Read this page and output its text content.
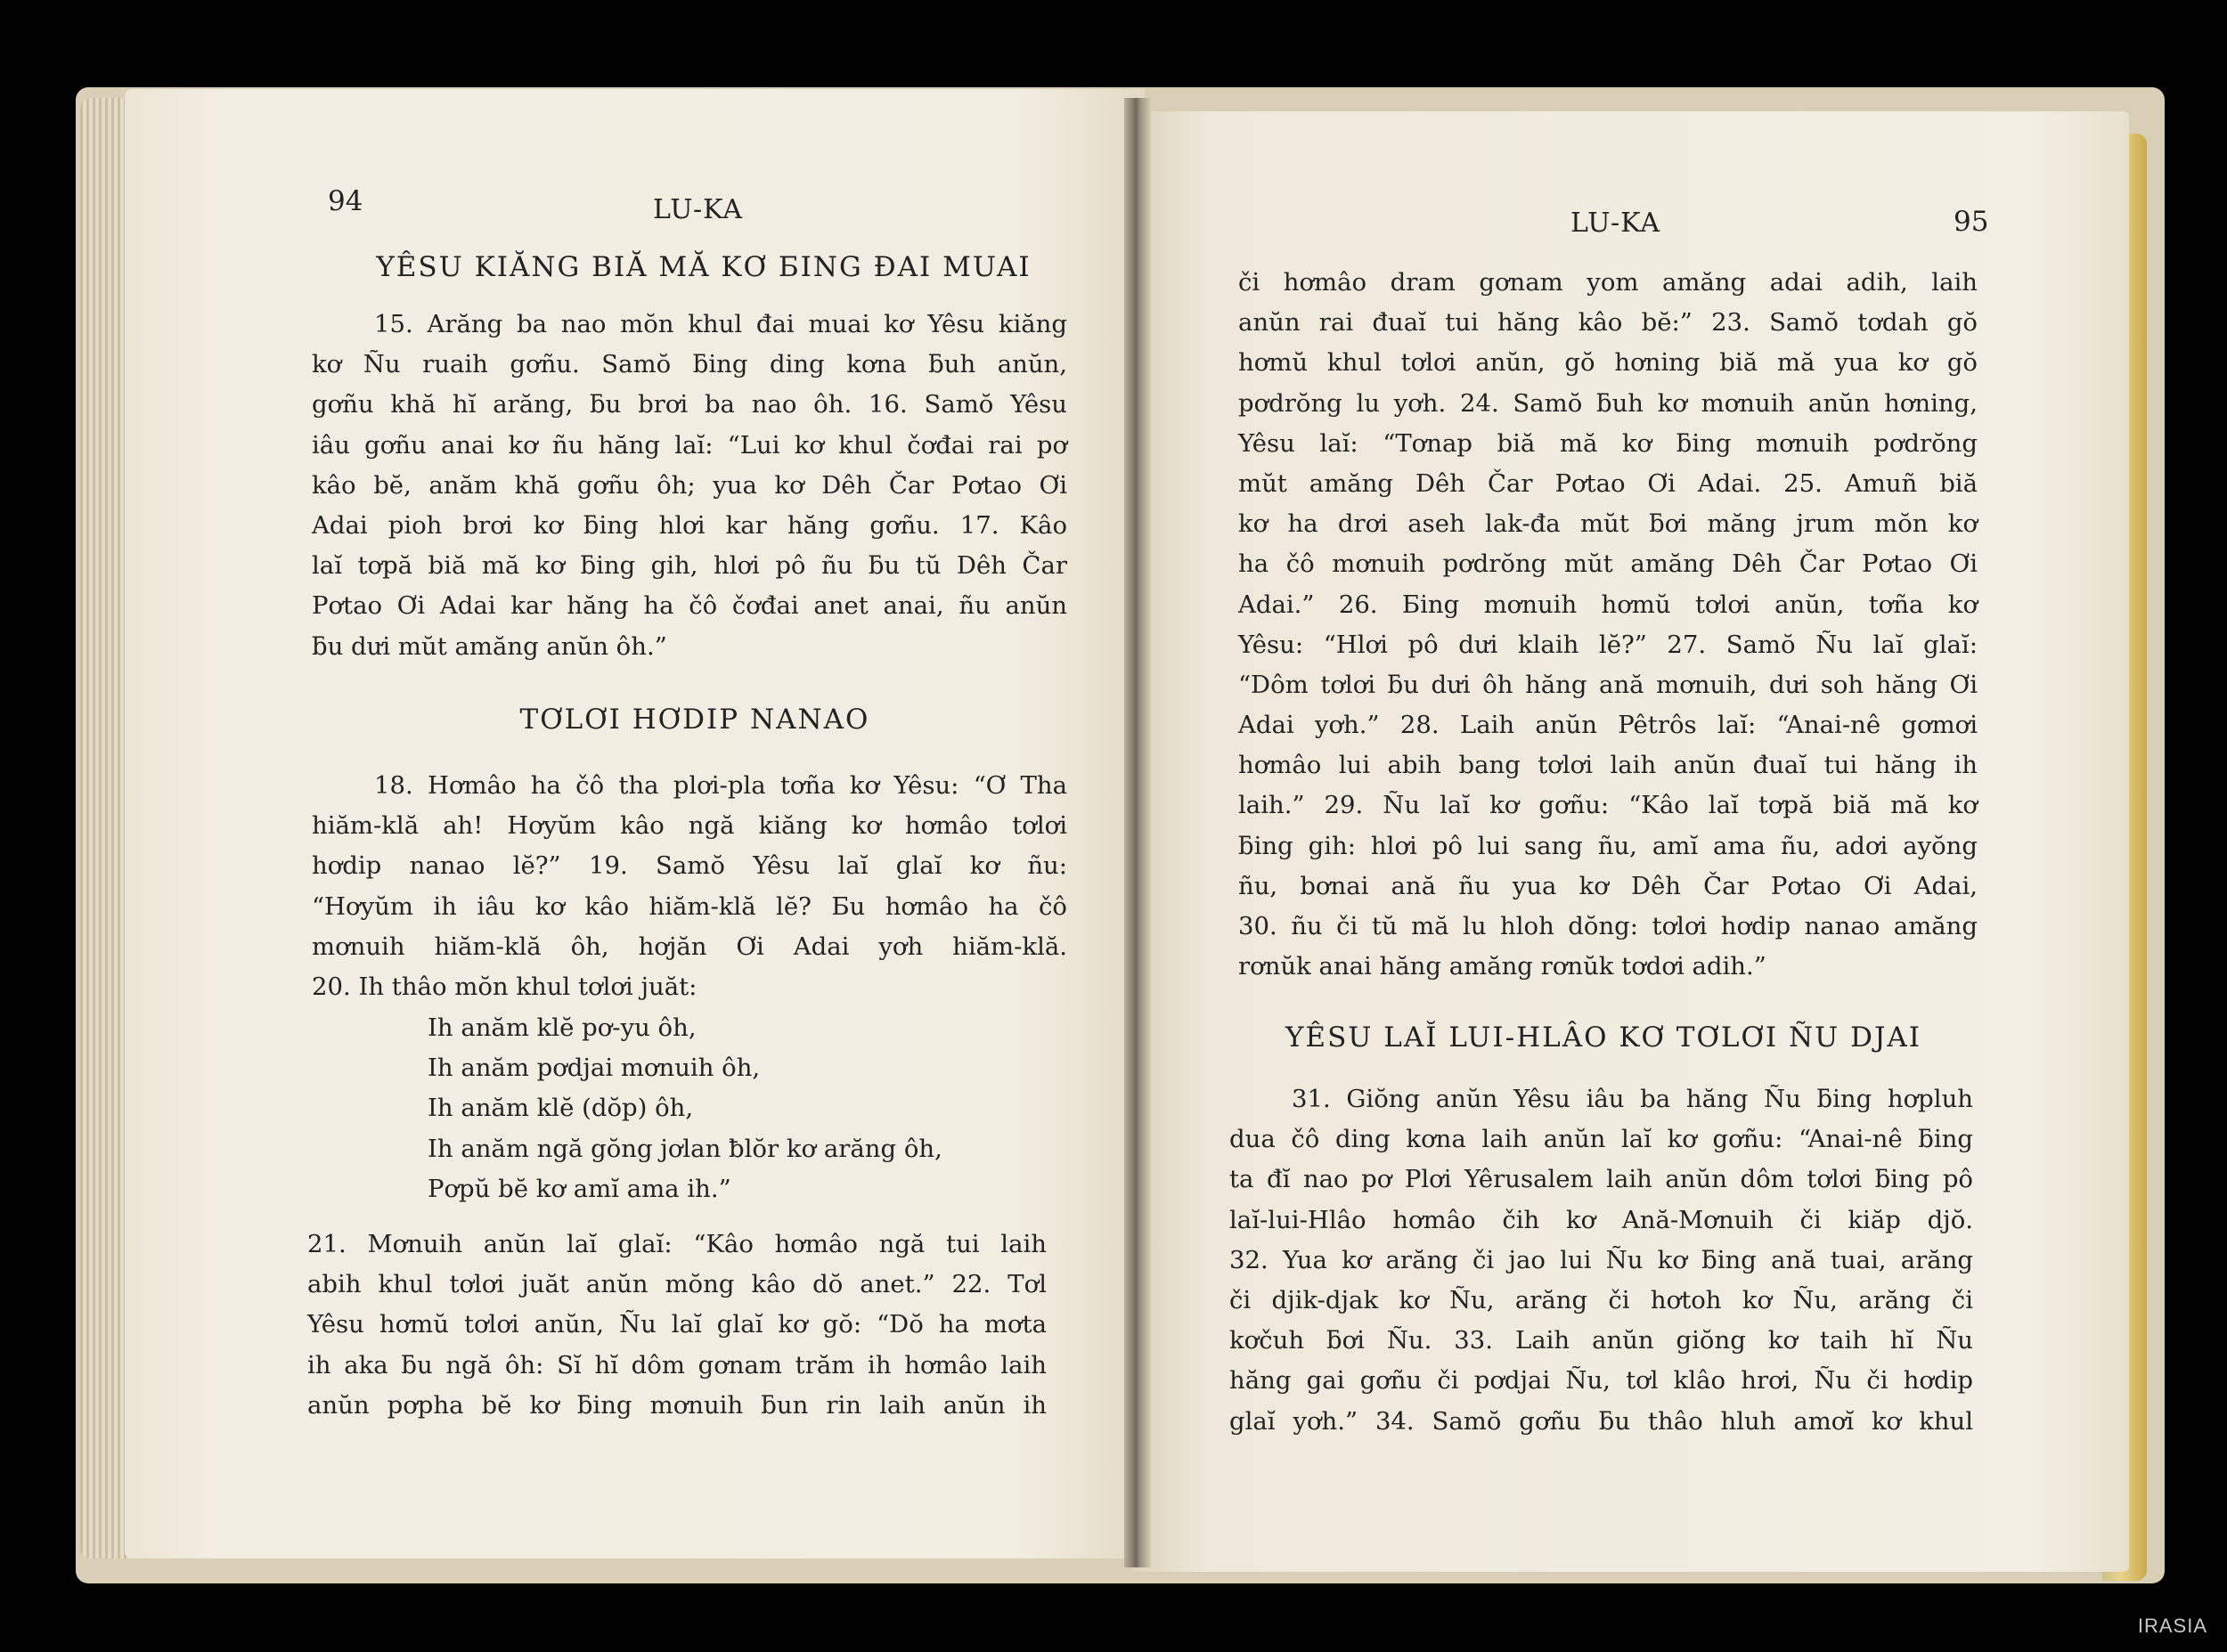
94	LU-KA
YÊSU KIĂNG BIĂ MĂ KƠ ƂING ĐAI MUAI
15. Arăng ba nao mŏn khul đai muai kơ Yêsu kiăng
kơ Ñu ruaih gơñu. Samŏ ƃing ding kơna ƃuh anŭn,
gơñu khă hĭ arăng, ƃu brơi ba nao ôh. 16. Samŏ Yêsu
iâu gơñu anai kơ ñu hăng laĭ: “Lui kơ khul čơđai rai pơ
kâo bĕ, anăm khă gơñu ôh; yua kơ Dêh Čar Pơtao Ơi
Adai pioh brơi kơ ƃing hlơi kar hăng gơñu. 17. Kâo
laĭ tơpă biă mă kơ ƃing gih, hlơi pô ñu ƃu tŭ Dêh Čar
Pơtao Ơi Adai kar hăng ha čô čơđai anet anai, ñu anŭn
ƃu dưi mŭt amăng anŭn ôh.”
TƠLƠI HƠDIP NANAO
18. Hơmâo ha čô tha plơi-pla tơña kơ Yêsu: “Ơ Tha
hiăm-klă ah! Hơyŭm kâo ngă kiăng kơ hơmâo tơlơi
hơdip nanao lĕ?” 19. Samŏ Yêsu laĭ glaĭ kơ ñu:
“Hơyŭm ih iâu kơ kâo hiăm-klă lĕ? Ƃu hơmâo ha čô
mơnuih hiăm-klă ôh, hơjăn Ơi Adai yơh hiăm-klă.
20. Ih thâo mŏn khul tơlơi juăt:
Ih anăm klĕ pơ-yu ôh,
Ih anăm pơdjai mơnuih ôh,
Ih anăm klĕ (dŏp) ôh,
Ih anăm ngă gŏng jơlan ƀlŏr kơ arăng ôh,
Pơpŭ bĕ kơ amĭ ama ih.”
21. Mơnuih anŭn laĭ glaĭ: “Kâo hơmâo ngă tui laih
abih khul tơlơi juăt anŭn mŏng kâo dŏ anet.” 22. Tơl
Yêsu hơmŭ tơlơi anŭn, Ñu laĭ glaĭ kơ gŏ: “Dŏ ha mơta
ih aka ƃu ngă ôh: Sĭ hĭ dôm gơnam trăm ih hơmâo laih
anŭn pơpha bĕ kơ ƃing mơnuih ƃun rin laih anŭn ih
LU-KA	95
či hơmâo dram gơnam yom amăng adai adih, laih
anŭn rai đuaĭ tui hăng kâo bĕ:” 23. Samŏ tơdah gŏ
hơmŭ khul tơlơi anŭn, gŏ hơning biă mă yua kơ gŏ
pơdrŏng lu yơh. 24. Samŏ ƃuh kơ mơnuih anŭn hơning,
Yêsu laĭ: “Tơnap biă mă kơ ƃing mơnuih pơdrŏng
mŭt amăng Dêh Čar Pơtao Ơi Adai. 25. Amuñ biă
kơ ha drơi aseh lak-đa mŭt ƃơi măng jrum mŏn kơ
ha čô mơnuih pơdrŏng mŭt amăng Dêh Čar Pơtao Ơi
Adai.” 26. Ƃing mơnuih hơmŭ tơlơi anŭn, tơña kơ
Yêsu: “Hlơi pô dưi klaih lĕ?” 27. Samŏ Ñu laĭ glaĭ:
“Dôm tơlơi ƃu dưi ôh hăng ană mơnuih, dưi soh hăng Ơi
Adai yơh.” 28. Laih anŭn Pêtrôs laĭ: “Anai-nê gơmơi
hơmâo lui abih bang tơlơi laih anŭn đuaĭ tui hăng ih
laih.” 29. Ñu laĭ kơ gơñu: “Kâo laĭ tơpă biă mă kơ
ƃing gih: hlơi pô lui sang ñu, amĭ ama ñu, adơi ayŏng
ñu, bơnai ană ñu yua kơ Dêh Čar Pơtao Ơi Adai,
30. ñu či tŭ mă lu hloh dŏng: tơlơi hơdip nanao amăng
rơnŭk anai hăng amăng rơnŭk tơdơi adih.”
YÊSU LAĬ LUI-HLÂO KƠ TƠLƠI ÑU DJAI
31. Giŏng anŭn Yêsu iâu ba hăng Ñu ƃing hơpluh
dua čô ding kơna laih anŭn laĭ kơ gơñu: “Anai-nê ƃing
ta đĭ nao pơ Plơi Yêrusalem laih anŭn dôm tơlơi ƃing pô
laĭ-lui-Hlâo hơmâo čih kơ Ană-Mơnuih či kiăp djŏ.
32. Yua kơ arăng či jao lui Ñu kơ ƃing ană tuai, arăng
či djik-djak kơ Ñu, arăng či hơtoh kơ Ñu, arăng či
kơčuh ƃơi Ñu. 33. Laih anŭn giŏng kơ taih hĭ Ñu
hăng gai gơñu či pơdjai Ñu, tơl klâo hrơi, Ñu či hơdip
glaĭ yơh.” 34. Samŏ gơñu ƃu thâo hluh amơĭ kơ khul
IRASIA
